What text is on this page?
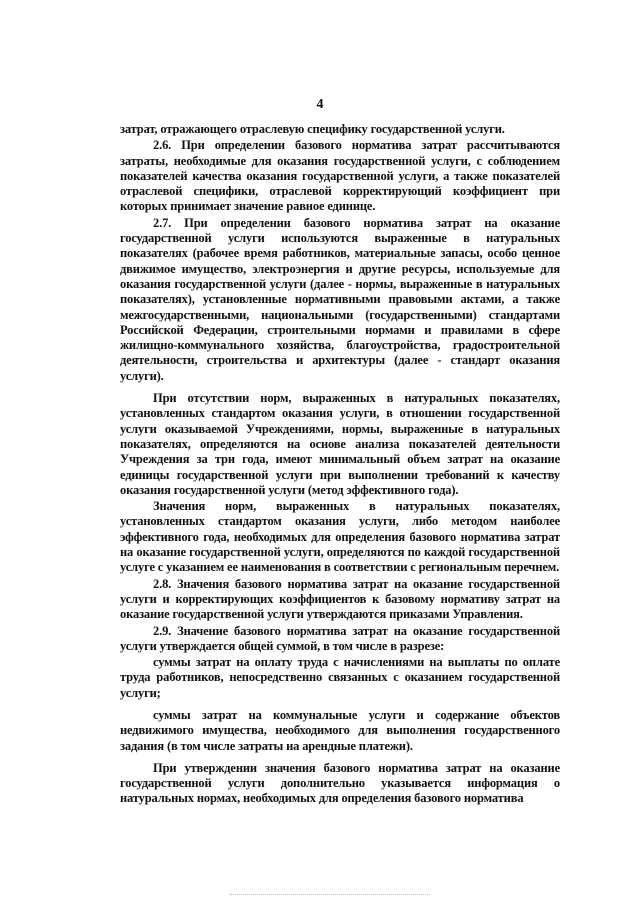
4

затрат, отражающего отраслевую специфику государственной услуги.

2.6. При определении базового норматива затрат рассчитываются затраты, необходимые для оказания государственной услуги, с соблюдением показателей качества оказания государственной услуги, а также показателей отраслевой специфики, отраслевой корректирующий коэффициент при которых принимает значение равное единице.

2.7. При определении базового норматива затрат на оказание государственной услуги используются выраженные в натуральных показателях (рабочее время работников, материальные запасы, особо ценное движимое имущество, электроэнергия и другие ресурсы, используемые для оказания государственной услуги (далее - нормы, выраженные в натуральных показателях), установленные нормативными правовыми актами, а также межгосударственными, национальными (государственными) стандартами Российской Федерации, строительными нормами и правилами в сфере жилищно-коммунального хозяйства, благоустройства, градостроительной деятельности, строительства и архитектуры (далее - стандарт оказания услуги).

При отсутствии норм, выраженных в натуральных показателях, установленных стандартом оказания услуги, в отношении государственной услуги оказываемой Учреждениями, нормы, выраженные в натуральных показателях, определяются на основе анализа показателей деятельности Учреждения за три года, имеют минимальный объем затрат на оказание единицы государственной услуги при выполнении требований к качеству оказания государственной услуги (метод эффективного года).

Значения норм, выраженных в натуральных показателях, установленных стандартом оказания услуги, либо методом наиболее эффективного года, необходимых для определения базового норматива затрат на оказание государственной услуги, определяются по каждой государственной услуге с указанием ее наименования в соответствии с региональным перечнем.

2.8. Значения базового норматива затрат на оказание государственной услуги и корректирующих коэффициентов к базовому нормативу затрат на оказание государственной услуги утверждаются приказами Управления.

2.9. Значение базового норматива затрат на оказание государственной услуги утверждается общей суммой, в том числе в разрезе:

суммы затрат на оплату труда с начислениями на выплаты по оплате труда работников, непосредственно связанных с оказанием государственной услуги;

суммы затрат на коммунальные услуги и содержание объектов недвижимого имущества, необходимого для выполнения государственного задания (в том числе затраты на арендные платежи).

При утверждении значения базового норматива затрат на оказание государственной услуги дополнительно указывается информация о натуральных нормах, необходимых для определения базового норматива
